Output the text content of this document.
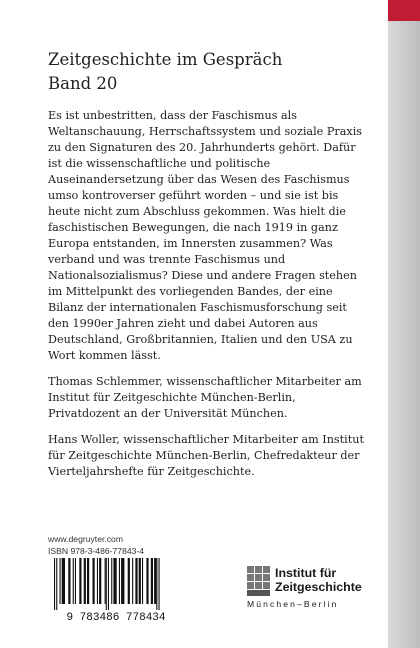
Zeitgeschichte im Gespräch
Band 20

Es ist unbestritten, dass der Faschismus als Weltanschauung, Herrschaftssystem und soziale Praxis zu den Signaturen des 20. Jahrhunderts gehört. Dafür ist die wissenschaftliche und politische Auseinandersetzung über das Wesen des Faschismus umso kontroverser geführt worden – und sie ist bis heute nicht zum Abschluss gekommen. Was hielt die faschistischen Bewegungen, die nach 1919 in ganz Europa entstanden, im Innersten zusammen? Was verband und was trennte Faschismus und Nationalsozialismus? Diese und andere Fragen stehen im Mittelpunkt des vorliegenden Bandes, der eine Bilanz der internationalen Faschismusforschung seit den 1990er Jahren zieht und dabei Autoren aus Deutschland, Großbritannien, Italien und den USA zu Wort kommen lässt.

Thomas Schlemmer, wissenschaftlicher Mitarbeiter am Institut für Zeitgeschichte München-Berlin, Privatdozent an der Universität München.

Hans Woller, wissenschaftlicher Mitarbeiter am Institut für Zeitgeschichte München-Berlin, Chefredakteur der Vierteljahrshefte für Zeitgeschichte.

www.degruyter.com
ISBN 978-3-486-77843-4
9 783486 778434
Institut für
Zeitgeschichte
München–Berlin
